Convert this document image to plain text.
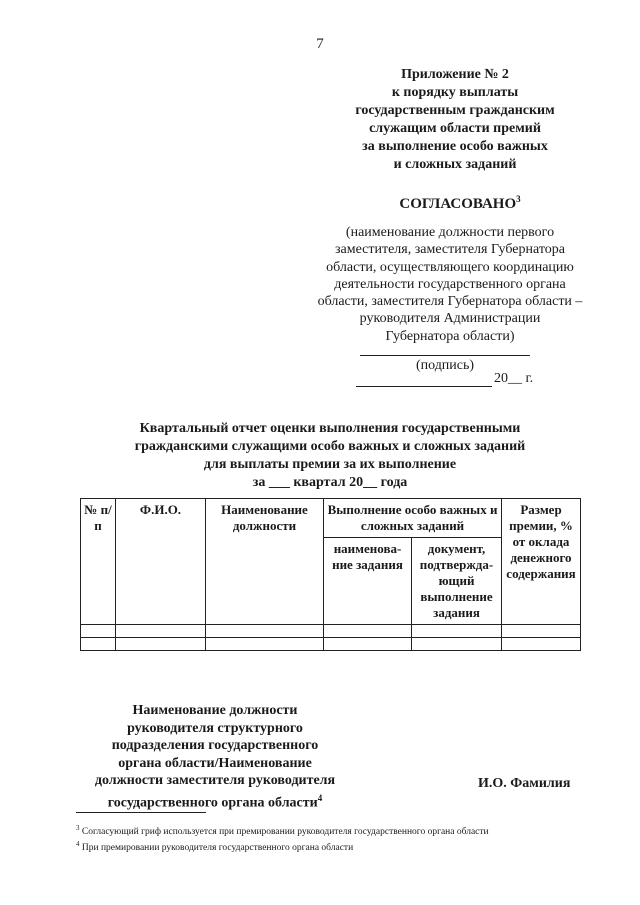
7
Приложение № 2
к порядку выплаты
государственным гражданским
служащим области премий
за выполнение особо важных
и сложных заданий
СОГЛАСОВАНО$^3$
(наименование должности первого
заместителя, заместителя Губернатора
области, осуществляющего координацию
деятельности государственного органа
области, заместителя Губернатора области –
руководителя Администрации
Губернатора области)
(подпись)
20__ г.
Квартальный отчет оценки выполнения государственными
гражданскими служащими особо важных и сложных заданий
для выплаты премии за их выполнение
за ___ квартал 20__ года
№ п/п	Ф.И.О.	Наименование должности	Выполнение особо важных и сложных заданий		Размер премии, % от оклада денежного содержания
			наименова-ние задания	документ, подтвержда-ющий выполнение задания	

Наименование должности
руководителя структурного
подразделения государственного
органа области/Наименование
должности заместителя руководителя
государственного органа области$^4$
И.О. Фамилия
$^3$ Согласующий гриф используется при премировании руководителя государственного органа области
$^4$ При премировании руководителя государственного органа области
